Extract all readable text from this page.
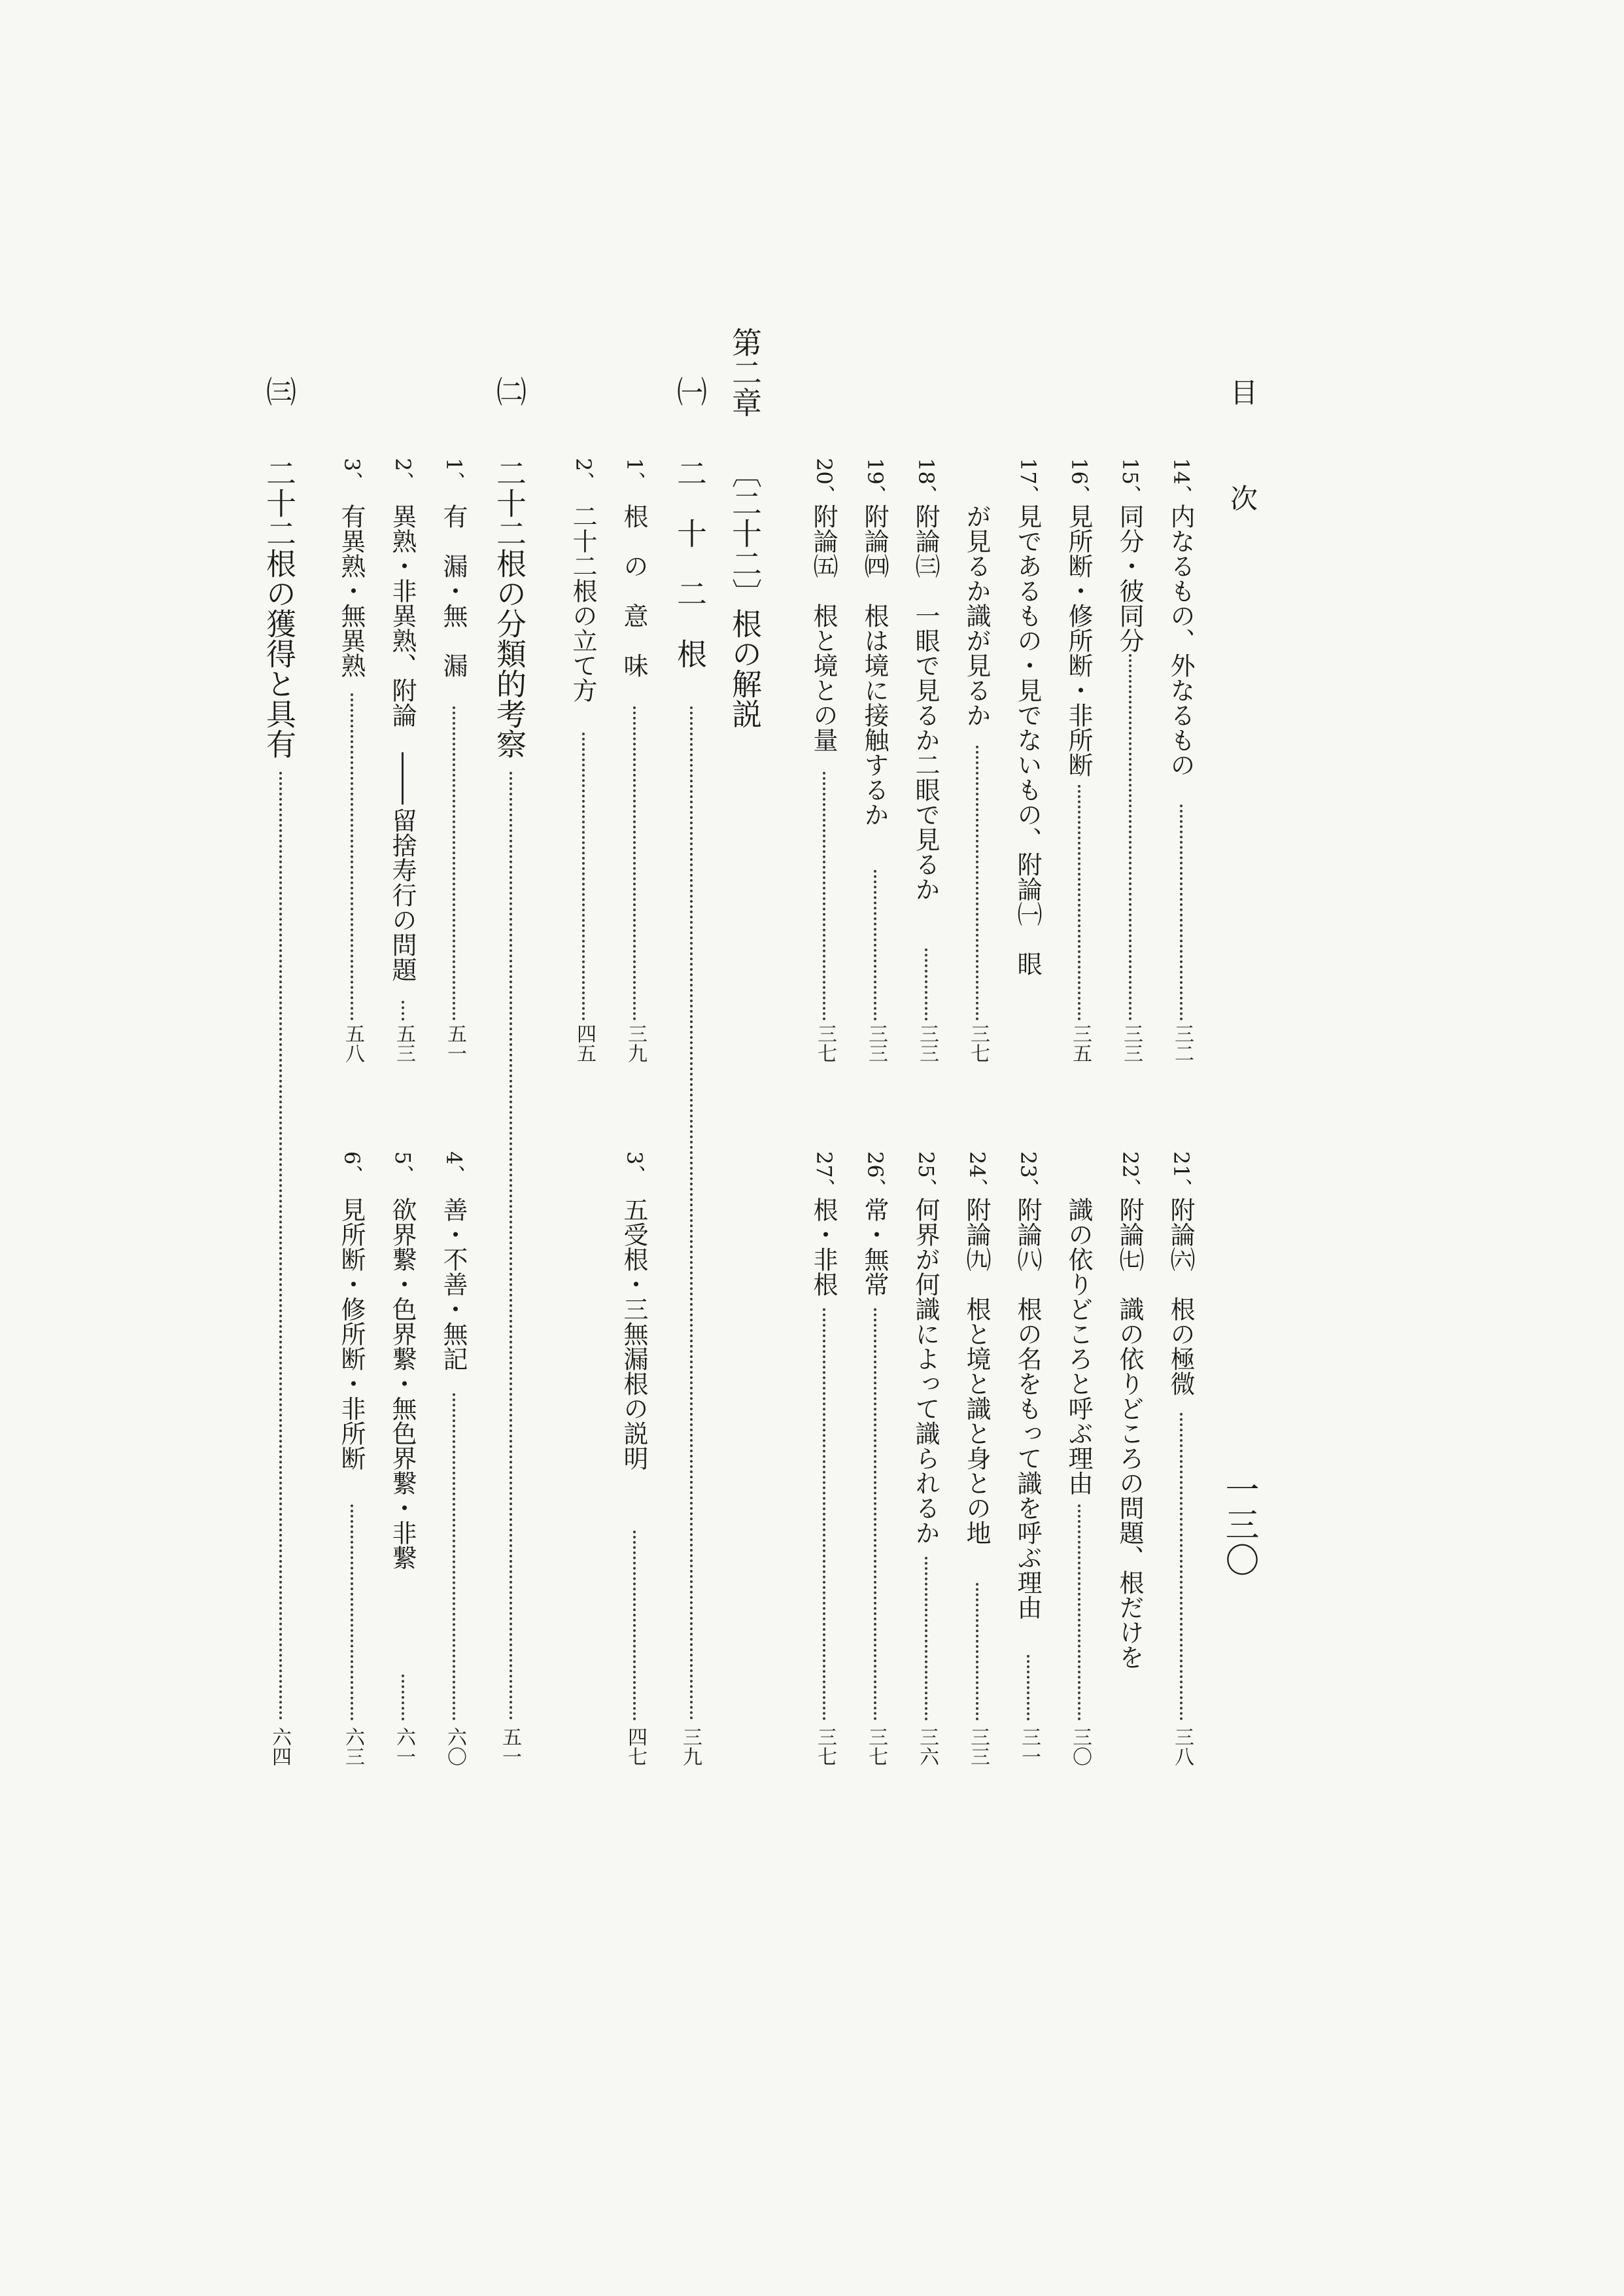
目
次
一三〇
14、
内なるもの、外なるもの
三二
21、
附論㈥　根の極微
三八
15、
同分・彼同分
三三
22、
附論㈦　識の依りどころの問題、根だけを
16、
見所断・修所断・非所断
三五
識の依りどころと呼ぶ理由
三〇
17、
見であるもの・見でないもの、附論㈠　眼
23、
附論㈧　根の名をもって識を呼ぶ理由
三一
が見るか識が見るか
三七
24、
附論㈨　根と境と識と身との地
三三
18、
附論㈢　一眼で見るか二眼で見るか
三三
25、
何界が何識によって識られるか
三六
19、
附論㈣　根は境に接触するか
三三
26、
常・無常
三七
20、
附論㈤　根と境との量
三七
27、
根・非根
三七
第二章
〔二十二〕根の解説
㈠
二　十　二　根
三九
1、
根　の　意　味
三九
3、
五受根・三無漏根の説明
四七
2、
二十二根の立て方
四五
㈡
二十二根の分類的考察
五一
1、
有　漏・無　漏
五一
4、
善・不善・無記
六〇
2、
異熟・非異熟、附論
留捨寿行の問題
五三
5、
欲界繋・色界繋・無色界繋・非繋
六一
3、
有異熟・無異熟
五八
6、
見所断・修所断・非所断
六三
㈢
二十二根の獲得と具有
六四
